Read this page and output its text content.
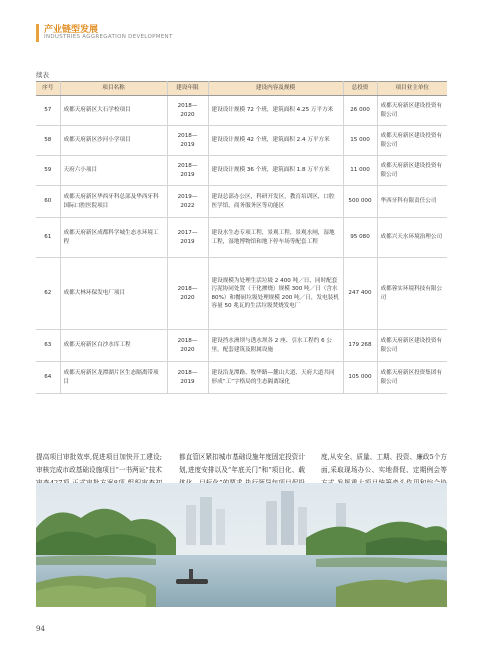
产业链型发展
INDUSTRIES AGGREGATION DEVELOPMENT
续表
序号	项目名称	建设年限	建设内容及规模	总投资	项目业主单位
57	成都天府新区大石学校项目	2018—2020	建设设计规模 72 个班，建筑面积 4.25 万平方米	26 000	成都天府新区建设投资有限公司
58	成都天府新区沙河小学项目	2018—2019	建设设计规模 42 个班，建筑面积 2.4 万平方米	15 000	成都天府新区建设投资有限公司
59	天府六小项目	2018—2019	建设设计规模 36 个班，建筑面积 1.8 万平方米	11 000	成都天府新区建设投资有限公司
60	成都天府新区华西牙科总部及华西牙科国际口腔医院项目	2019—2022	建设总部办公区，科研开发区，教育培训区，口腔医学馆，商务服务区等功能区	500 000	华西牙科有限责任公司
61	成都天府新区成都科学城生态水环境工程	2017—2019	建设水生态专项工程，景观工程，景观水闸，湿地工程，湿地博物馆和地下停车场等配套工程	95 080	成都兴天水环境治理公司
62	成都大林环保发电厂项目	2018—2020	建设规模为处理生活垃圾 2 400 吨／日，同时配套污泥协同处置（干化掺烧）规模 300 吨／日（含水 80%）和餐厨垃圾处理规模 200 吨／日，发电装机容量 50 兆瓦的生活垃圾焚烧发电厂	247 400	成都蓉实环境科技有限公司
63	成都天府新区白沙水库工程	2018—2020	建设挡水洲坝与透水坝各 2 座、引水工程约 6 公里，配套建筑及附属设施	179 268	成都天府新区建设投资有限公司
64	成都天府新区龙潭湖片区生态隔离带项目	2018—2019	建设沿龙潭路、牧华路—麓山大道、天府大道共同形成“工”字格局的生态隔离绿化	105 000	成都天府新区投资集团有限公司
提高项目审批效率,促进项目加快开工建设;审核完成市政基础设施项目“一书两证”技术

都直管区紧扣城市基础设施年度固定投资计划,进度安排以及“年底关门”和“项目化、载
度,从安全、质量、工期、投资、廉政5个方面,采取现场办公、实地督促、定期例会等
94
